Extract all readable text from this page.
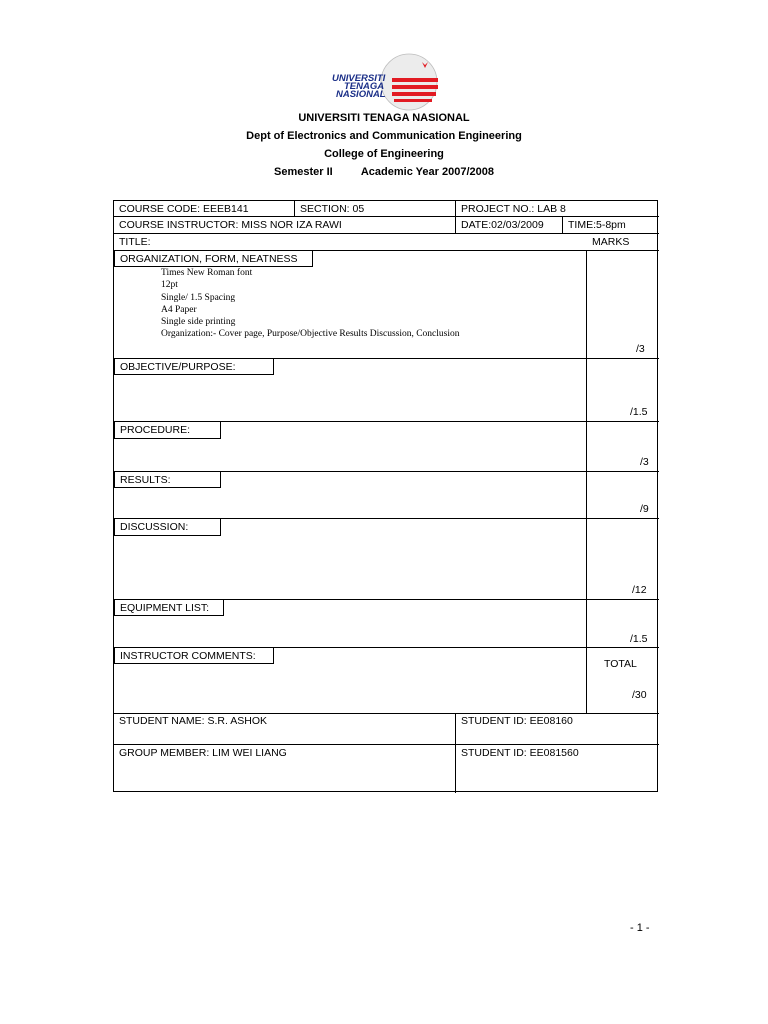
UNIVERSITI
TENAGA
NASIONAL
UNIVERSITI TENAGA NASIONAL
Dept of Electronics and Communication Engineering
College of Engineering
Semester II	Academic Year 2007/2008
COURSE CODE: EEEB141	SECTION: 05	PROJECT NO.: LAB 8
COURSE INSTRUCTOR: MISS NOR IZA RAWI	DATE:02/03/2009 TIME:5-8pm
TITLE:	MARKS
ORGANIZATION, FORM, NEATNESS
Times New Roman font
12pt
Single/ 1.5 Spacing
A4 Paper
Single side printing
Organization:- Cover page, Purpose/Objective Results Discussion, Conclusion
/3
OBJECTIVE/PURPOSE:
/1.5
PROCEDURE:
/3
RESULTS:
/9
DISCUSSION:
/12
EQUIPMENT LIST:
/1.5
INSTRUCTOR COMMENTS:
TOTAL
/30
STUDENT NAME: S.R. ASHOK	STUDENT ID: EE08160
GROUP MEMBER: LIM WEI LIANG	STUDENT ID: EE081560
- 1 -
